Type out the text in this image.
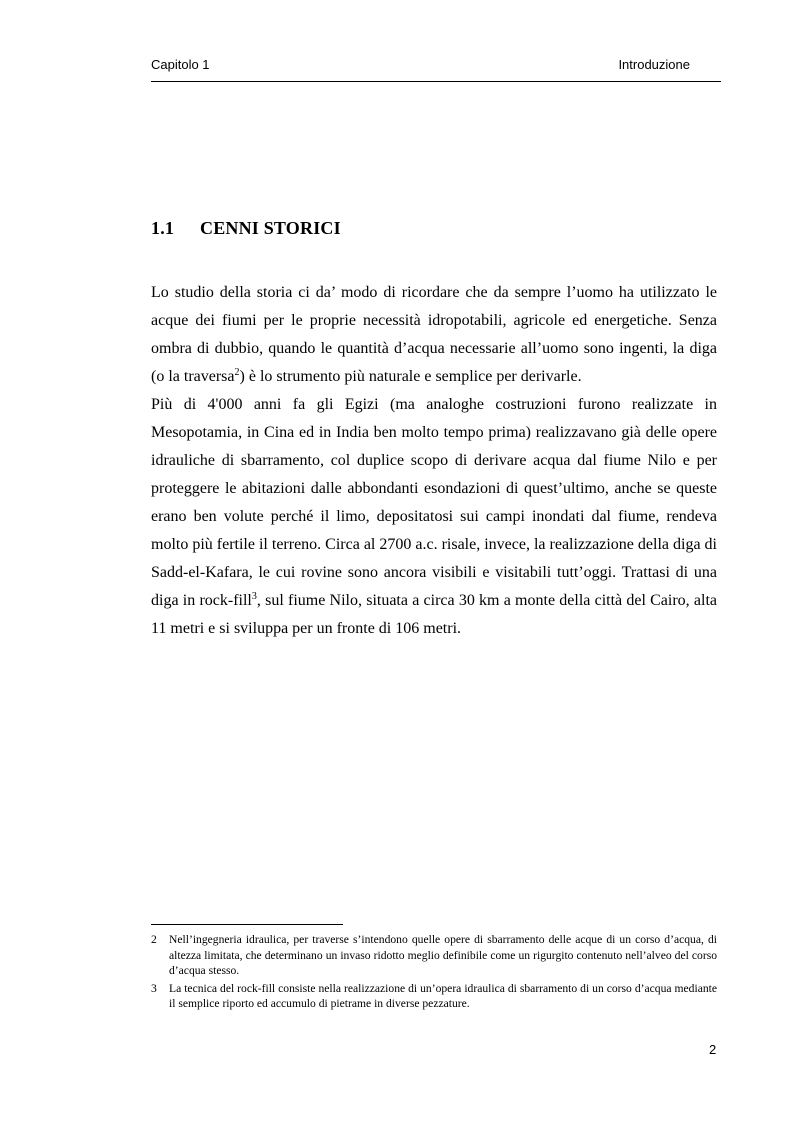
Capitolo 1	Introduzione
1.1 CENNI STORICI

Lo studio della storia ci da’ modo di ricordare che da sempre l’uomo ha utilizzato le acque dei fiumi per le proprie necessità idropotabili, agricole ed energetiche. Senza ombra di dubbio, quando le quantità d’acqua necessarie all’uomo sono ingenti, la diga (o la traversa$^2$) è lo strumento più naturale e semplice per derivarle.

Più di 4'000 anni fa gli Egizi (ma analoghe costruzioni furono realizzate in Mesopotamia, in Cina ed in India ben molto tempo prima) realizzavano già delle opere idrauliche di sbarramento, col duplice scopo di derivare acqua dal fiume Nilo e per proteggere le abitazioni dalle abbondanti esondazioni di quest’ultimo, anche se queste erano ben volute perché il limo, depositatosi sui campi inondati dal fiume, rendeva molto più fertile il terreno. Circa al 2700 a.c. risale, invece, la realizzazione della diga di Sadd-el-Kafara, le cui rovine sono ancora visibili e visitabili tutt’oggi. Trattasi di una diga in rock-fill$^3$, sul fiume Nilo, situata a circa 30 km a monte della città del Cairo, alta 11 metri e si sviluppa per un fronte di 106 metri.

2 Nell’ingegneria idraulica, per traverse s’intendono quelle opere di sbarramento delle acque di un corso d’acqua, di altezza limitata, che determinano un invaso ridotto meglio definibile come un rigurgito contenuto nell’alveo del corso d’acqua stesso.
3 La tecnica del rock-fill consiste nella realizzazione di un’opera idraulica di sbarramento di un corso d’acqua mediante il semplice riporto ed accumulo di pietrame in diverse pezzature.
2
